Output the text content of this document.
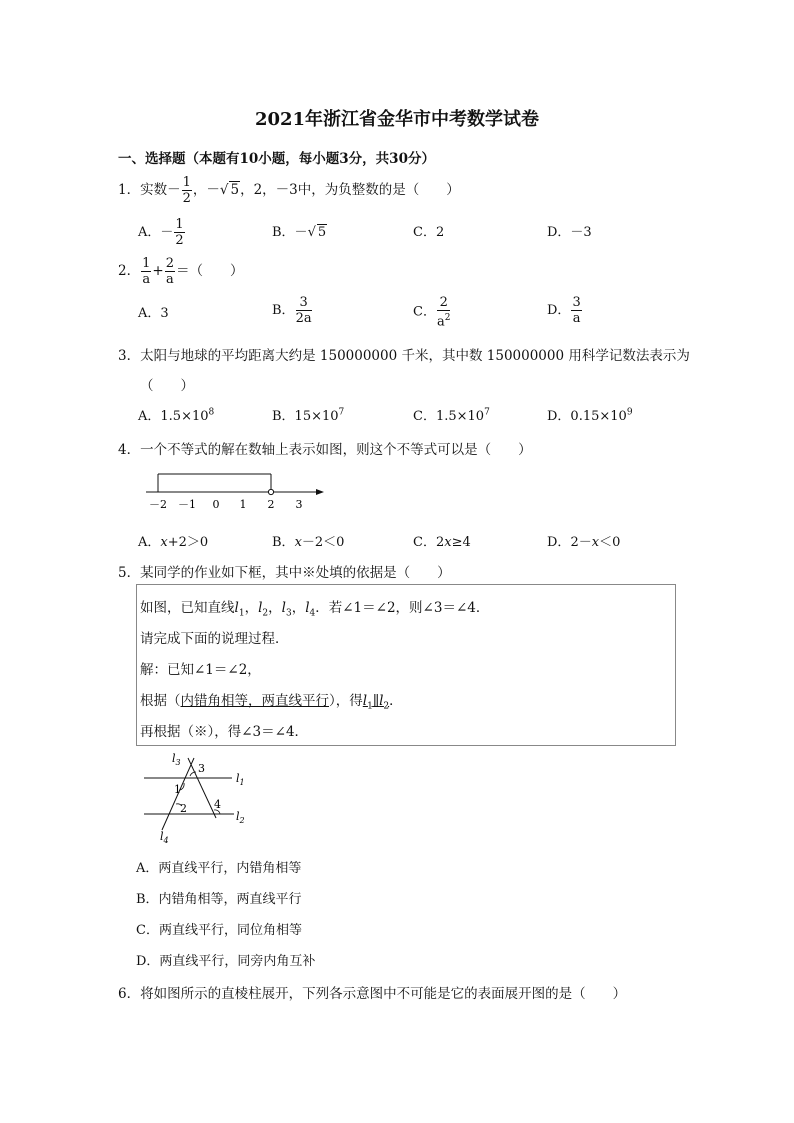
2021年浙江省金华市中考数学试卷
一、选择题（本题有10小题，每小题3分，共30分）
1．实数－ $\frac{1}{2}$ ，－√ 5，2，－3中，为负整数的是（　　）
A．－ $\frac{1}{2}$	B．－√ 5	C．2	D．－3
2． $\frac{1}{a} + \frac{2}{a}$ ＝（　　）
A．3	B． $\frac{3}{2a}$	C． $\frac{2}{a^2}$	D． $\frac{3}{a}$
3．太阳与地球的平均距离大约是 150000000 千米，其中数 150000000 用科学记数法表示为
（　　）
A．$1.5\times 10^8$	B．$15\times 10^7$	C．$1.5\times 10^7$	D．$0.15\times 10^9$
4．一个不等式的解在数轴上表示如图，则这个不等式可以是（　　）
－2 －1 0 1 2 3
A．x+2＞0	B．x－2＜0	C．2x≥4	D．2－x＜0
5．某同学的作业如下框，其中※处填的依据是（　　）
如图，已知直线$l_1$，$l_2$，$l_3$，$l_4$．若∠1＝∠2，则∠3＝∠4．
请完成下面的说理过程．
解：已知∠1＝∠2，
根据（内错角相等，两直线平行），得$l_1\parallel l_2$．
再根据（※），得∠3＝∠4．
$l_3$ 3
$l_1$
1
2 4
$l_2$
$l_4$
A．两直线平行，内错角相等
B．内错角相等，两直线平行
C．两直线平行，同位角相等
D．两直线平行，同旁内角互补
6．将如图所示的直棱柱展开，下列各示意图中不可能是它的表面展开图的是（　　）
